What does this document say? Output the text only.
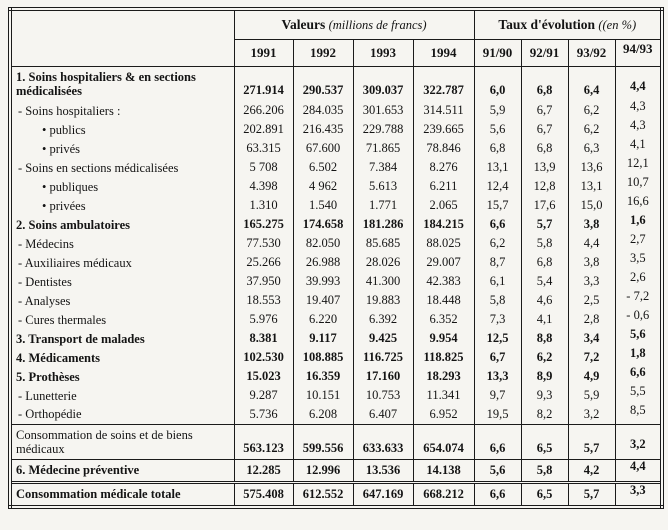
	Valeurs (millions de francs)				Taux d'évolution ((en %)			
	1991	1992	1993	1994	91/90	92/91	93/92	94/93
1. Soins hospitaliers & en sections médicalisées	271.914	290.537	309.037	322.787	6,0	6,8	6,4	4,4
- Soins hospitaliers :	266.206	284.035	301.653	314.511	5,9	6,7	6,2	4,3
• publics	202.891	216.435	229.788	239.665	5,6	6,7	6,2	4,3
• privés	63.315	67.600	71.865	78.846	6,8	6,8	6,3	4,1
- Soins en sections médicalisées	5 708	6.502	7.384	8.276	13,1	13,9	13,6	12,1
• publiques	4.398	4 962	5.613	6.211	12,4	12,8	13,1	10,7
• privées	1.310	1.540	1.771	2.065	15,7	17,6	15,0	16,6
2. Soins ambulatoires	165.275	174.658	181.286	184.215	6,6	5,7	3,8	1,6
- Médecins	77.530	82.050	85.685	88.025	6,2	5,8	4,4	2,7
- Auxiliaires médicaux	25.266	26.988	28.026	29.007	8,7	6,8	3,8	3,5
- Dentistes	37.950	39.993	41.300	42.383	6,1	5,4	3,3	2,6
- Analyses	18.553	19.407	19.883	18.448	5,8	4,6	2,5	- 7,2
- Cures thermales	5.976	6.220	6.392	6.352	7,3	4,1	2,8	- 0,6
3. Transport de malades	8.381	9.117	9.425	9.954	12,5	8,8	3,4	5,6
4. Médicaments	102.530	108.885	116.725	118.825	6,7	6,2	7,2	1,8
5. Prothèses	15.023	16.359	17.160	18.293	13,3	8,9	4,9	6,6
- Lunetterie	9.287	10.151	10.753	11.341	9,7	9,3	5,9	5,5
- Orthopédie	5.736	6.208	6.407	6.952	19,5	8,2	3,2	8,5
Consommation de soins et de biens médicaux	563.123	599.556	633.633	654.074	6,6	6,5	5,7	3,2
6. Médecine préventive	12.285	12.996	13.536	14.138	5,6	5,8	4,2	4,4
Consommation médicale totale	575.408	612.552	647.169	668.212	6,6	6,5	5,7	3,3
